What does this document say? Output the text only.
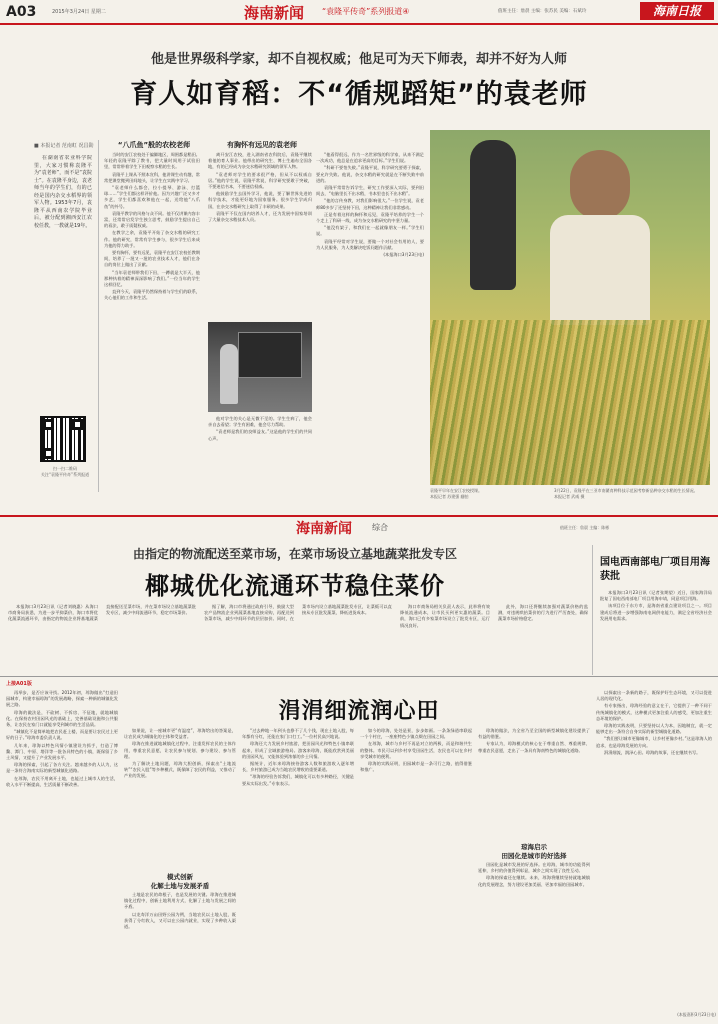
A03	2015年3月24日 星期二	海南新闻 “袁隆平传奇”系列报道④	值班主任：詹晨 主编：张苏民 美编：石斌玲	海南日报
他是世界级科学家，却不自视权威；他足可为天下师表，却并不好为人师
育人如育稻：不“循规蹈矩”的袁老师
■ 本报记者 范南虹 况昌勋

在湖南省农业科学院里，大家习惯称袁隆平为“袁老师”，而不是“袁院士”。在袁隆平身边，袁老师当年的学生们，有的已经是国内杂交水稻界的领军人物。1953年7月，袁隆平从西南农学院毕业后，被分配到湘西安江农校任教，一教就是19年。

扫一扫二维码
关注“袁隆平传奇”系列报道
“八爪鱼”般的农校老师

当时的安江农校处于偏僻地区，周围都是稻田。年轻的袁隆平除了教书，把大量时间用于试验田里，常常带着学生下田观察水稻的生长。

袁隆平上课从不照本宣科，他讲课生动有趣，常常把课堂搬到田间地头，让学生在实践中学习。

“袁老师什么都会，拉小提琴、游泳、打篮球……”学生们都这样评价他。因为兴趣广泛又多才多艺，学生们都喜欢和他在一起，送给他“八爪鱼”的外号。

袁隆平教学的风格与众不同。他不仅讲课内容丰富，还常常启发学生独立思考，鼓励学生提出自己的看法，敢于质疑权威。

在教学之余，袁隆平开始了杂交水稻的研究工作。他的研究，常常有学生参与，很多学生后来成为他的得力助手。

要有胸怀，要有远见，袁隆平在安江农校任教期间，培养了一批又一批的农业技术人才，他们在各自的岗位上做出了贡献。

“当年袁老师带我们下田，一蹲就是大半天，他那种执着的精神深深影响了我们。”一位当年的学生这样回忆。

直到今天，袁隆平仍然保持着与学生们的联系，关心他们的工作和生活。

有胸怀有远见的袁老师

离开安江农校，进入湖南省农科院后，袁隆平继续着他的育人事业。他带出的研究生、博士生遍布全国各地，有的已经成为杂交水稻研究领域的领军人物。

“袁老师对学生的要求很严格，但从不以权威自居。”他的学生说，袁隆平常说，科学研究要敢于突破，不要迷信书本，不要迷信权威。

他鼓励学生去国外学习，他说，要了解世界先进的科学技术，才能更好地为国家服务。很多学生学成归国，在杂交水稻研究上取得了丰硕的成果。

袁隆平不仅在国内培养人才，还为发展中国家培训了大量杂交水稻技术人员。

他对学生的关心是无微不至的。学生生病了，他会亲自去看望；学生有困难，他会尽力帮助。

“袁老师是我们的良师益友。”这是他的学生们的共同心声。

“他看得很远，作为一名世界级的科学家，从来不满足一次成功，他总是在追求更高的目标。”学生们说。

“科研不要怕失败。”袁隆平说，科学研究要勇于探索，要允许失败。他说，杂交水稻的研究就是在不断失败中前进的。

袁隆平常常告诉学生，研究工作要深入实际，要到田间去，“电脑里长不出水稻，书本里也长不出水稻”。

“他的言传身教，对我们影响很大。”一位学生说，袁老师80多岁了还坚持下田，这种精神让我们非常感动。

正是有着这样的胸怀和远见，袁隆平培养的学生一个个走上了科研一线，成为杂交水稻研究的中坚力量。

“他没有架子，和我们在一起就像朋友一样。”学生们说。

袁隆平经常对学生说，要做一个对社会有用的人，要为人民服务，为人类解决吃饭问题作贡献。

(本报海口3月23日电)

袁隆平早年在安江农校授课。
本报记者 苏建强 翻拍
3月22日，袁隆平在三亚市南繁育种科技示范园考察新品种杂交水稻的生长情况。
本报记者 武威 摄
海南新闻	综合	值班主任：詹晨 主编：陈彬
由指定的物流配送至菜市场，在菜市场设立基地蔬菜批发专区
椰城优化流通环节稳住菜价

本报海口3月23日讯（记者刘晓惠）从海口市商务局获悉，为进一步平抑菜价，海口市将优化蔬菜流通环节，由指定的物流企业将基地蔬菜直接配送至菜市场，并在菜市场设立基地蔬菜批发专区，减少中间流通环节，稳定市场菜价。

据了解，海口市将通过政府引导，鼓励大型农产品物流企业到蔬菜基地直接采购，再配送到各菜市场，减少中间环节的层层加价。同时，在菜市场内设立基地蔬菜批发专区，让菜贩可以直接从专区批发蔬菜，降低进货成本。

海口市商务局相关负责人表示，此举将有效降低流通成本，让市民买到更实惠的蔬菜。目前，海口已有多家菜市场设立了批发专区，运行情况良好。

此外，海口还将继续加强对蔬菜价格的监测，对违规哄抬菜价的行为进行严厉查处，确保蔬菜市场价格稳定。

国电西南部电厂项目用海获批

本报海口3月23日讯（记者张期望）近日，国家海洋局批复了国电西南部电厂项目用海申请，同意项目用海。

该项目位于东方市，是海南省重点建设项目之一。项目建成后将进一步增强海南电网供电能力，满足全省经济社会发展用电需求。

上接A01版
涓涓细流润心田

再举步，是否应该寻找。2012年初，琼海做出“打造田园城市，构建幸福琼海”的发展战略，探索一种新的城镇化发展之路。

琼海的做法是，不砍树、不拆房、不征地，就地城镇化。在保持农村田园风光的基础上，完善基础设施和公共服务，让农民在家门口就能享受到城市的生活品质。

“城镇化不是简单地把农民赶上楼，而是要让农民过上更好的日子。”琼海市委负责人说。

几年来，琼海以特色风情小镇建设为抓手，打造了博鳌、潭门、中原、塔洋等一批各具特色的小镇，既保留了乡土风情，又提升了产业发展水平。

琼海的探索，引起了各方关注。越来越多的人认为，这是一条符合海南实际的新型城镇化道路。

在琼海，农民不用离开土地，也能过上城市人的生活，收入水平不断提高，生活质量不断改善。

如果说，让一座城市更“有温度”，琼海给出的答案是，让农民成为城镇化的主体和受益者。

琼海在推进就地城镇化过程中，注重发挥农民的主体作用，尊重农民意愿，让农民参与规划、参与建设、参与管理。

为了解决土地问题，琼海大胆创新，探索出“土地流转”“农民入股”等多种模式，既保障了农民的利益，又推动了产业的发展。

模式创新
化解土地与发展矛盾

土地是农民的命根子，也是发展的关键。琼海在推进城镇化过程中，创新土地利用方式，化解了土地与发展之间的矛盾。

以龙寿洋万亩田野公园为例，当地农民以土地入股，既获得了分红收入，又可以在公园内就业，实现了多种收入渠道。

“过去种地一年到头也挣不了几个钱，现在土地入股，每年都有分红，还能在家门口打工。”一位村民高兴地说。

琼海还大力发展乡村旅游，把田园风光和特色小镇串联起来，形成了全域旅游格局。游客来琼海，既能欣赏到美丽的田园风光，又能体验到浓郁的乡土风情。

据统计，近年来琼海接待游客人数和旅游收入逐年增长，乡村旅游已成为当地农民增收的重要渠道。

“琼海的经验告诉我们，城镇化可以有多种路径，关键是要从实际出发。”专家表示。

如今的琼海，处处是景，步步如画。一条条绿道串联起一个个村庄，一座座特色小镇点缀在田园之间。

在琼海，城市与乡村不再是对立的两极，而是和谐共生的整体。市民可以到乡村享受田园生活，农民也可以在乡村享受城市的便利。

琼海的实践证明，田园城市是一条可行之路，值得借鉴和推广。

琼海启示
田园化是城市的好选择

琼海的做法，为全省乃至全国的新型城镇化建设提供了有益的借鉴。

专家认为，琼海模式的核心在于尊重自然、尊重规律、尊重农民意愿，走出了一条具有海南特色的城镇化道路。

田园化是城市发展的好选择。在琼海，城市的功能得到延伸，乡村的价值得到彰显，城乡之间实现了良性互动。

琼海的探索还在继续。未来，琼海将继续坚持就地城镇化的发展理念，努力建设更加美丽、更加幸福的田园城市。

以探索出一条新的路子，既保护好生态环境，又可以促进人居的现代化。

有专家指出，琼海经验的意义在于，它提供了一种不同于传统城镇化的模式，这种模式更加注重人的感受，更加注重生态环境的保护。

琼海的实践表明，只要坚持以人为本，因地制宜，就一定能够走出一条符合自身实际的新型城镇化道路。

“我们要让城市更像城市，让乡村更像乡村。”这是琼海人的追求，也是琼海发展的方向。

涓涓细流，润泽心田。琼海的故事，还在继续书写。

(本报嘉积3月23日电)
